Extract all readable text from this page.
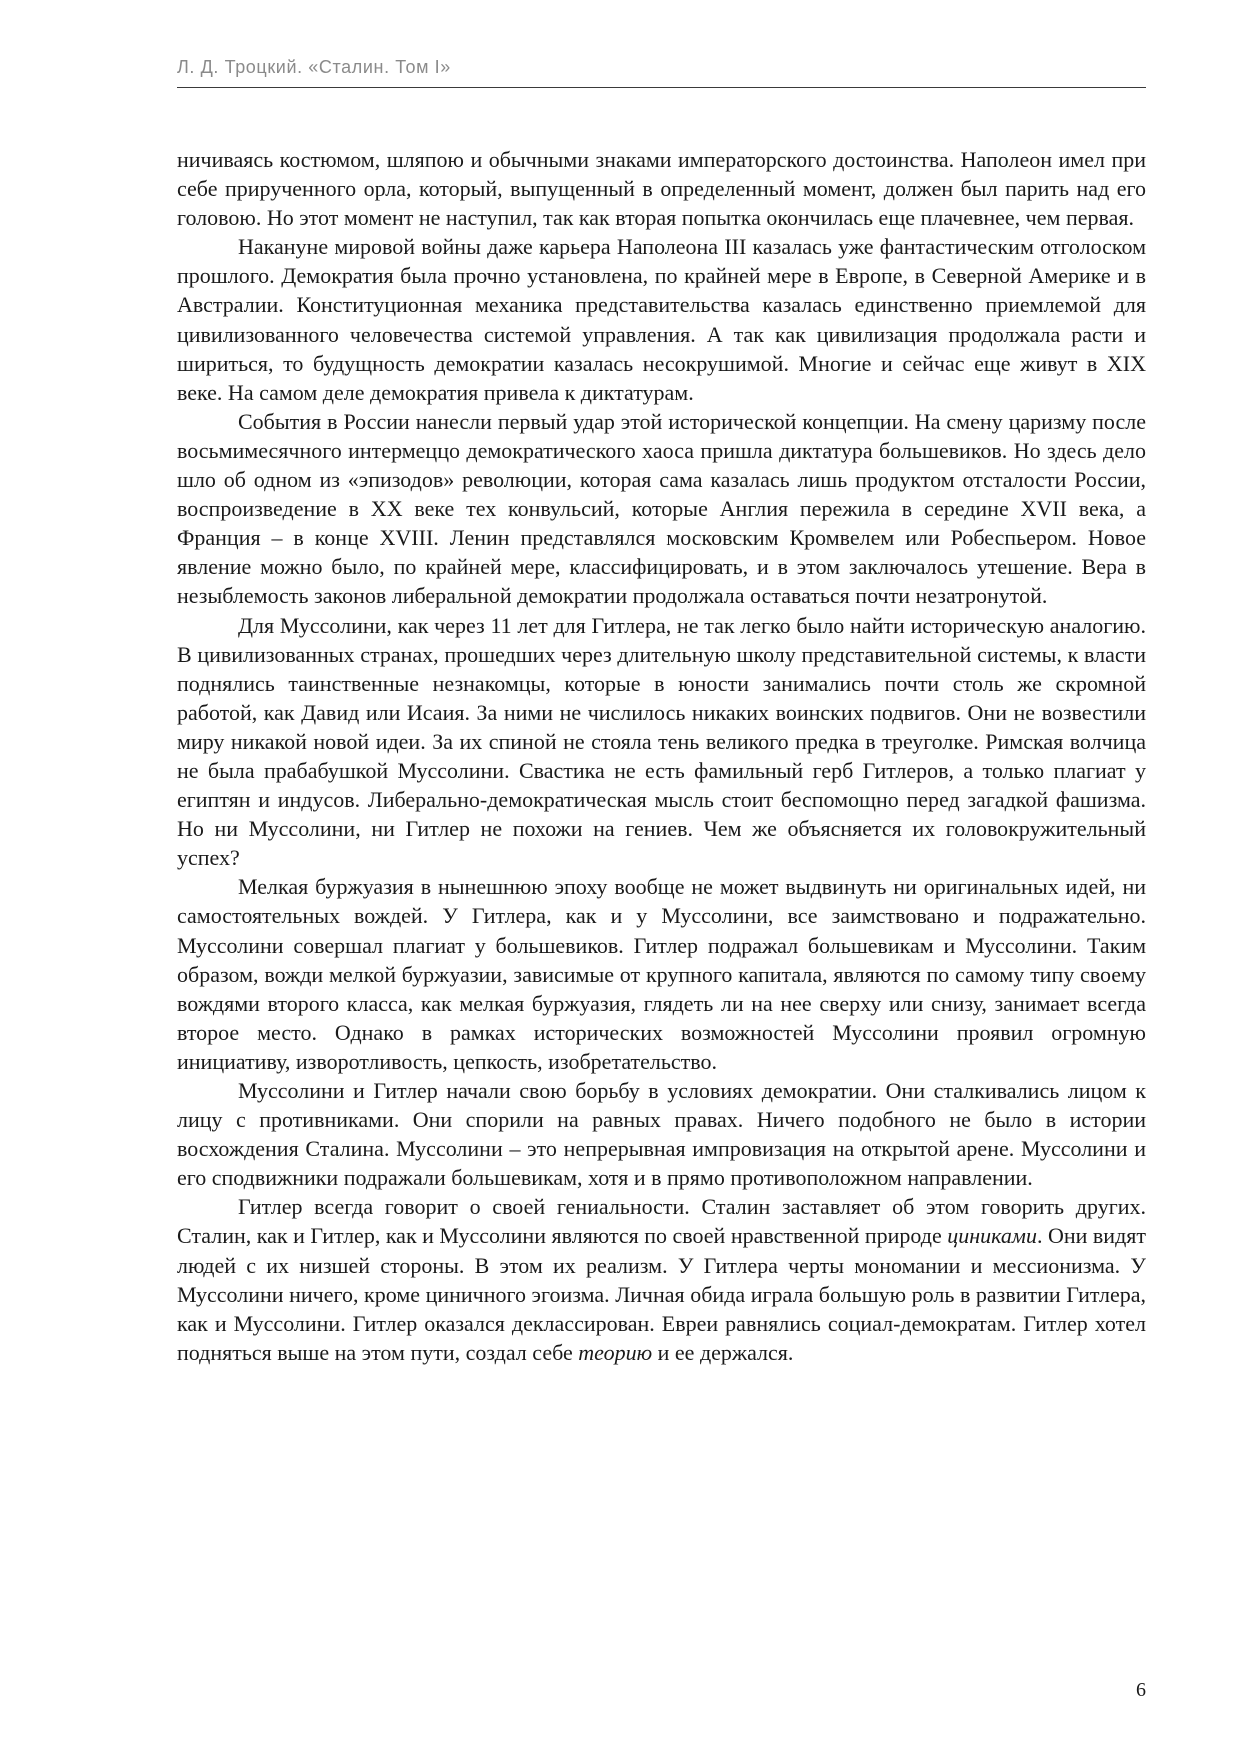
Л. Д. Троцкий. «Сталин. Том I»

ничиваясь костюмом, шляпою и обычными знаками императорского достоинства. Наполеон имел при себе прирученного орла, который, выпущенный в определенный момент, должен был парить над его головою. Но этот момент не наступил, так как вторая попытка окончилась еще плачевнее, чем первая.

Накануне мировой войны даже карьера Наполеона III казалась уже фантастическим отголоском прошлого. Демократия была прочно установлена, по крайней мере в Европе, в Северной Америке и в Австралии. Конституционная механика представительства казалась единственно приемлемой для цивилизованного человечества системой управления. А так как цивилизация продолжала расти и шириться, то будущность демократии казалась несокрушимой. Многие и сейчас еще живут в XIX веке. На самом деле демократия привела к диктатурам.

События в России нанесли первый удар этой исторической концепции. На смену царизму после восьмимесячного интермеццо демократического хаоса пришла диктатура большевиков. Но здесь дело шло об одном из «эпизодов» революции, которая сама казалась лишь продуктом отсталости России, воспроизведение в XX веке тех конвульсий, которые Англия пережила в середине XVII века, а Франция – в конце XVIII. Ленин представлялся московским Кромвелем или Робеспьером. Новое явление можно было, по крайней мере, классифицировать, и в этом заключалось утешение. Вера в незыблемость законов либеральной демократии продолжала оставаться почти незатронутой.

Для Муссолини, как через 11 лет для Гитлера, не так легко было найти историческую аналогию. В цивилизованных странах, прошедших через длительную школу представительной системы, к власти поднялись таинственные незнакомцы, которые в юности занимались почти столь же скромной работой, как Давид или Исаия. За ними не числилось никаких воинских подвигов. Они не возвестили миру никакой новой идеи. За их спиной не стояла тень великого предка в треуголке. Римская волчица не была прабабушкой Муссолини. Свастика не есть фамильный герб Гитлеров, а только плагиат у египтян и индусов. Либерально-демократическая мысль стоит беспомощно перед загадкой фашизма. Но ни Муссолини, ни Гитлер не похожи на гениев. Чем же объясняется их головокружительный успех?

Мелкая буржуазия в нынешнюю эпоху вообще не может выдвинуть ни оригинальных идей, ни самостоятельных вождей. У Гитлера, как и у Муссолини, все заимствовано и подражательно. Муссолини совершал плагиат у большевиков. Гитлер подражал большевикам и Муссолини. Таким образом, вожди мелкой буржуазии, зависимые от крупного капитала, являются по самому типу своему вождями второго класса, как мелкая буржуазия, глядеть ли на нее сверху или снизу, занимает всегда второе место. Однако в рамках исторических возможностей Муссолини проявил огромную инициативу, изворотливость, цепкость, изобретательство.

Муссолини и Гитлер начали свою борьбу в условиях демократии. Они сталкивались лицом к лицу с противниками. Они спорили на равных правах. Ничего подобного не было в истории восхождения Сталина. Муссолини – это непрерывная импровизация на открытой арене. Муссолини и его сподвижники подражали большевикам, хотя и в прямо противоположном направлении.

Гитлер всегда говорит о своей гениальности. Сталин заставляет об этом говорить других. Сталин, как и Гитлер, как и Муссолини являются по своей нравственной природе циниками. Они видят людей с их низшей стороны. В этом их реализм. У Гитлера черты мономании и мессионизма. У Муссолини ничего, кроме циничного эгоизма. Личная обида играла большую роль в развитии Гитлера, как и Муссолини. Гитлер оказался деклассирован. Евреи равнялись социал-демократам. Гитлер хотел подняться выше на этом пути, создал себе теорию и ее держался.

6
